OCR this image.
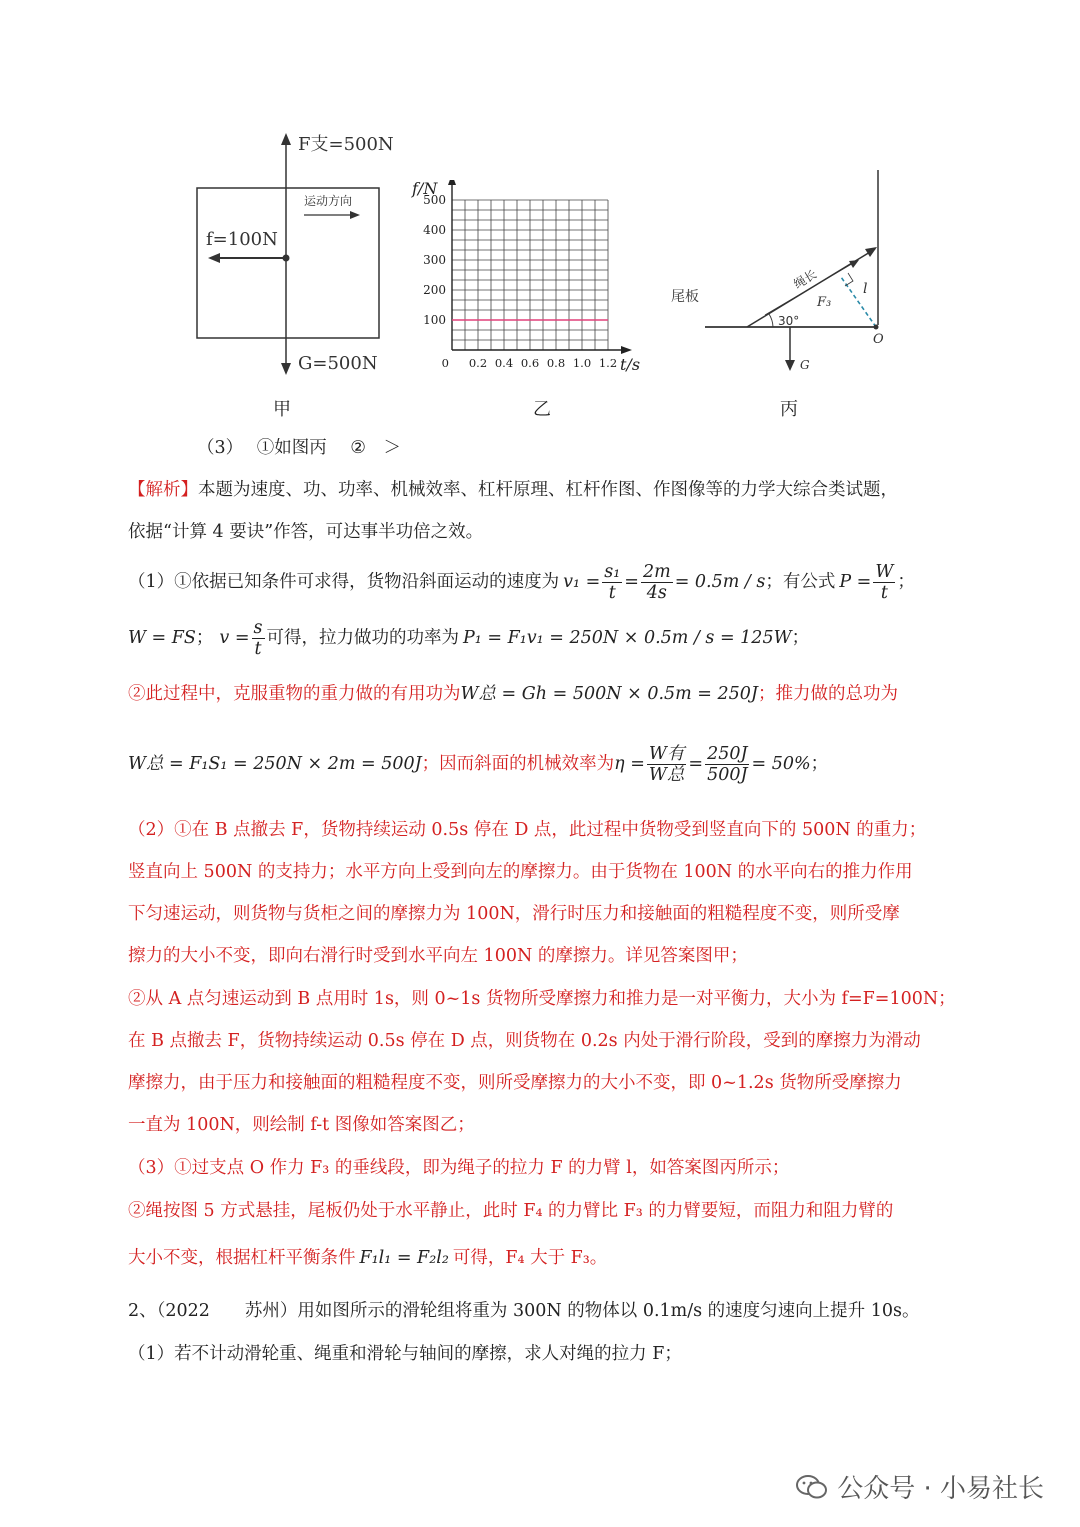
F支=500N
f=100N
G=500N
运动方向
甲
100
200
300
400
500
0 0.2 0.4 0.6 0.8 1.0 1.2
f/N
t/s
乙
尾板
绳长
F₃
l
30°
O
G
丙
（3） ①如图丙 ②　＞
【解析】本题为速度、功、功率、机械效率、杠杆原理、杠杆作图、作图像等的力学大综合类试题，
依据“计算 4 要诀”作答，可达事半功倍之效。
（1）①依据已知条件可求得，货物沿斜面运动的速度为 $v_1 = \frac{\text{s₁}}{t} = \frac{2m}{4s} = 0.5m / s$ ；有公式 $P = \frac{W}{t}$ ；
W = FS ； $v = \frac{s}{t}$ 可得，拉力做功的功率为 P₁ = F₁v₁ = 250N × 0.5m / s = 125W ；
②此过程中，克服重物的重力做的有用功为W总 = Gh = 500N × 0.5m = 250J；推力做的总功为
W总 = F₁S₁ = 250N × 2m = 500J ；因而斜面的机械效率为 $\eta = \frac{\text{W有}}{\text{W总}} = \frac{250J}{500J} = 50\%$ ；
（2）①在 B 点撤去 F，货物持续运动 0.5s 停在 D 点，此过程中货物受到竖直向下的 500N 的重力；
竖直向上 500N 的支持力；水平方向上受到向左的摩擦力。由于货物在 100N 的水平向右的推力作用
下匀速运动，则货物与货柜之间的摩擦力为 100N，滑行时压力和接触面的粗糙程度不变，则所受摩
擦力的大小不变，即向右滑行时受到水平向左 100N 的摩擦力。详见答案图甲；
②从 A 点匀速运动到 B 点用时 1s，则 0~1s 货物所受摩擦力和推力是一对平衡力，大小为 f=F=100N；
在 B 点撤去 F，货物持续运动 0.5s 停在 D 点，则货物在 0.2s 内处于滑行阶段，受到的摩擦力为滑动
摩擦力，由于压力和接触面的粗糙程度不变，则所受摩擦力的大小不变，即 0~1.2s 货物所受摩擦力
一直为 100N，则绘制 f-t 图像如答案图乙；
（3）①过支点 O 作力 F₃ 的垂线段，即为绳子的拉力 F 的力臂 l，如答案图丙所示；
②绳按图 5 方式悬挂，尾板仍处于水平静止，此时 F₄ 的力臂比 F₃ 的力臂要短，而阻力和阻力臂的
大小不变，根据杠杆平衡条件 F₁l₁ = F₂l₂ 可得，F₄ 大于 F₃。
2、（2022　　苏州）用如图所示的滑轮组将重为 300N 的物体以 0.1m/s 的速度匀速向上提升 10s。
（1）若不计动滑轮重、绳重和滑轮与轴间的摩擦，求人对绳的拉力 F；
公众号 · 小易社长
